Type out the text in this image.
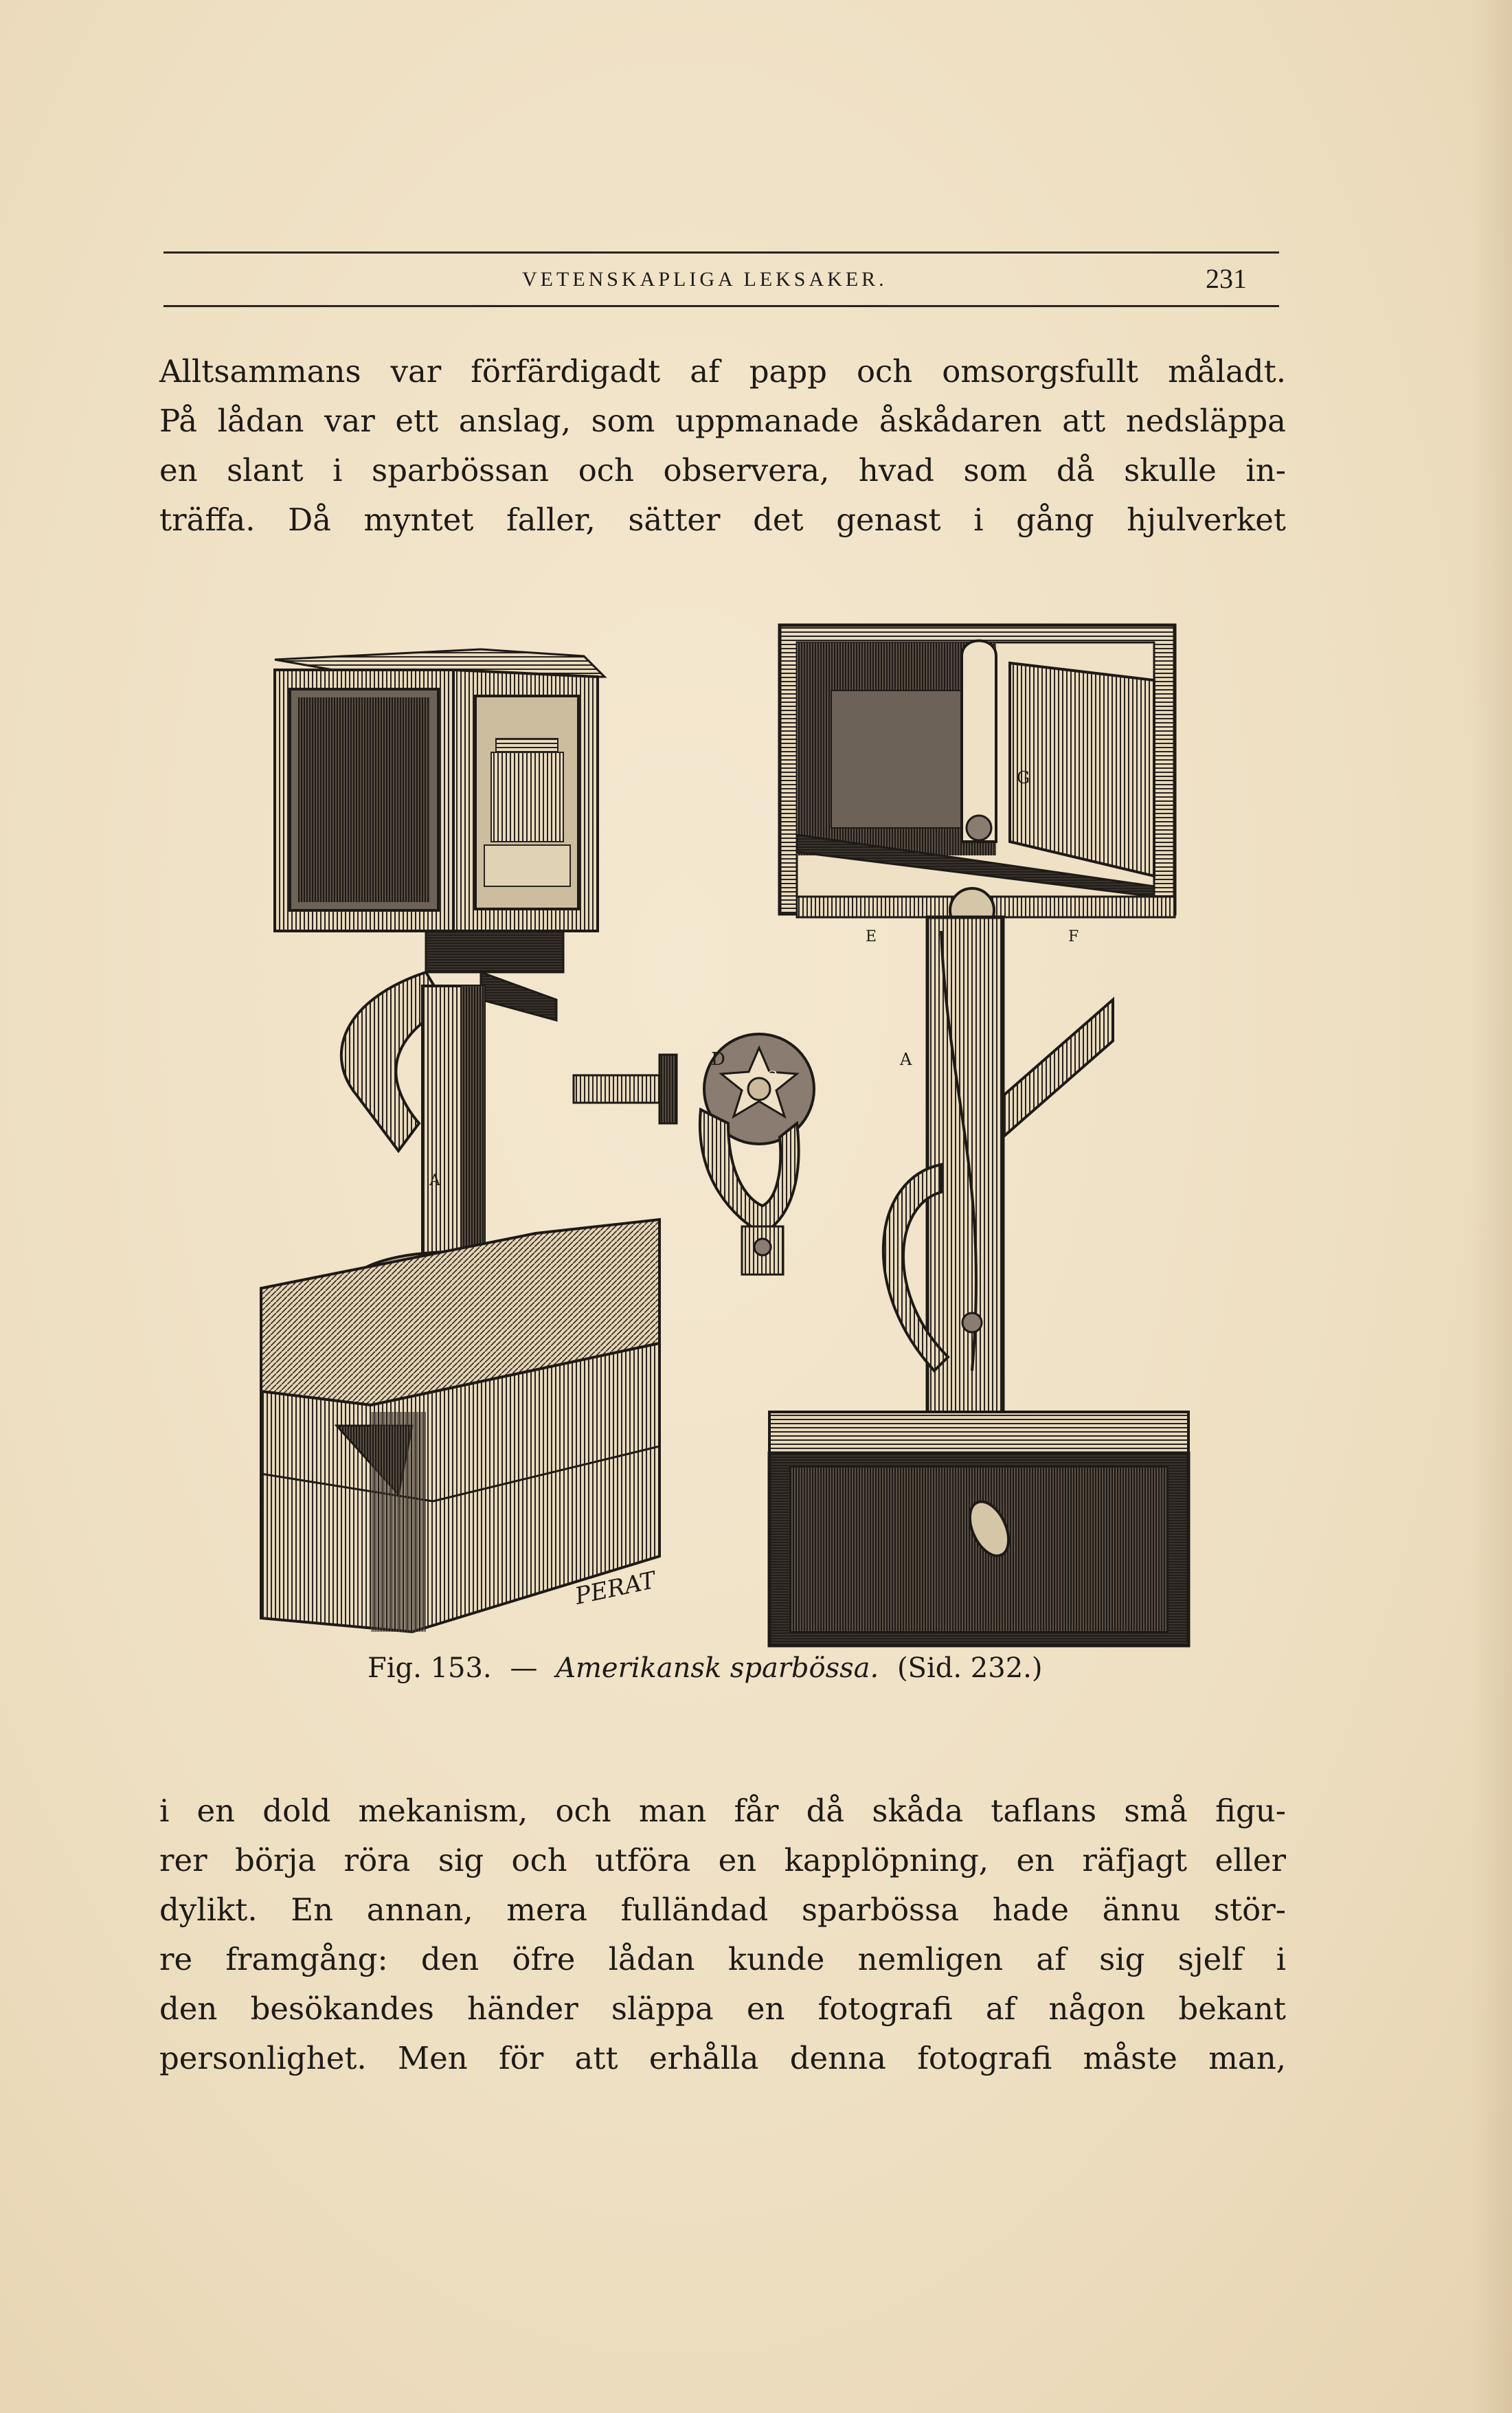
VETENSKAPLIGA LEKSAKER.	231
Alltsammans var förfärdigadt af papp och omsorgsfullt måladt.
På lådan var ett anslag, som uppmanade åskådaren att nedsläppa
en slant i sparbössan och observera, hvad som då skulle in-
träffa. Då myntet faller, sätter det genast i gång hjulverket
PERAT
A
D
C
G
E	F
A
Fig. 153. — Amerikansk sparbössa. (Sid. 232.)
i en dold mekanism, och man får då skåda taflans små figu-
rer börja röra sig och utföra en kapplöpning, en räfjagt eller
dylikt. En annan, mera fulländad sparbössa hade ännu stör-
re framgång: den öfre lådan kunde nemligen af sig sjelf i
den besökandes händer släppa en fotografi af någon bekant
personlighet. Men för att erhålla denna fotografi måste man,
